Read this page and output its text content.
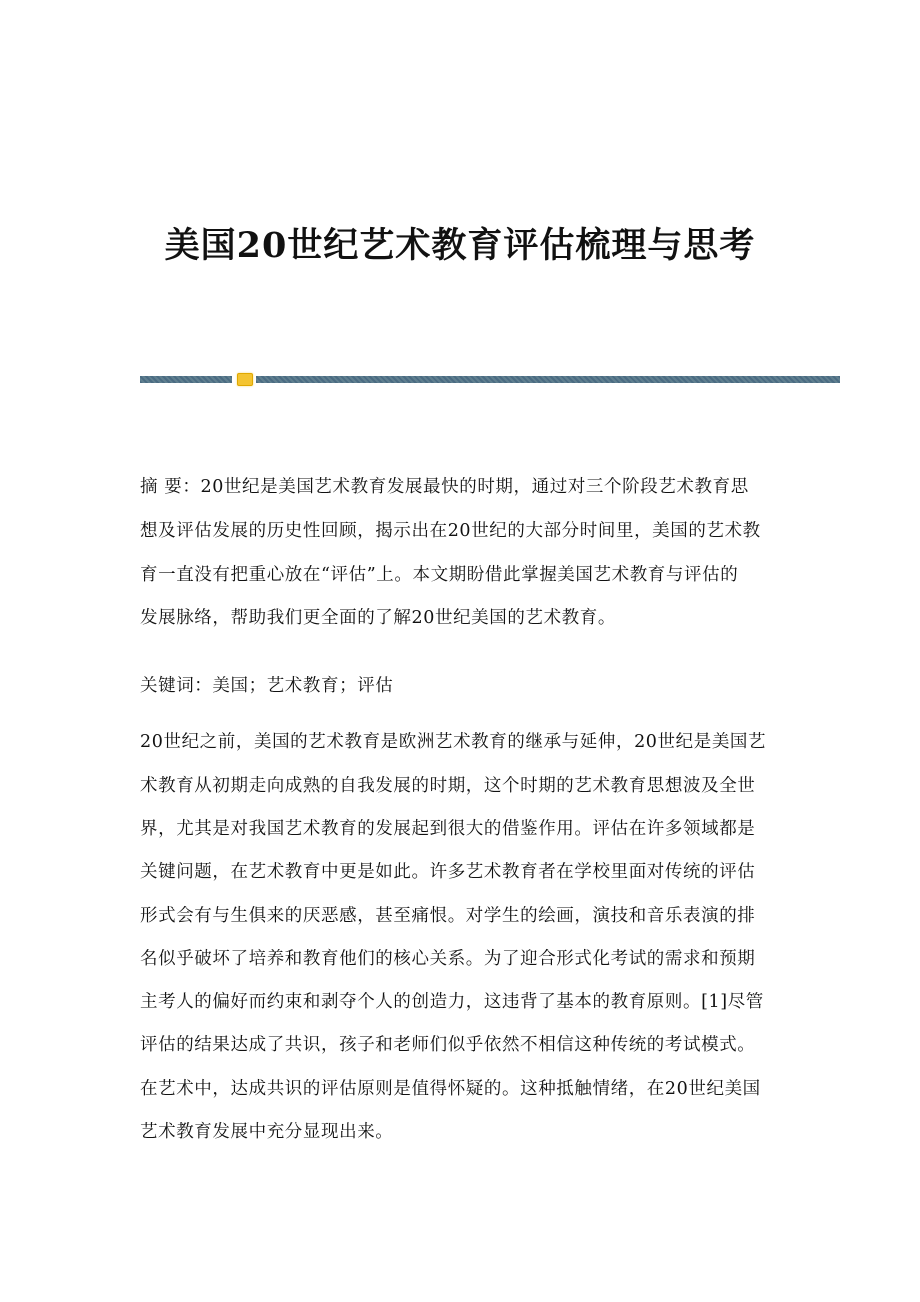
美国20世纪艺术教育评估梳理与思考
摘 要：20世纪是美国艺术教育发展最快的时期，通过对三个阶段艺术教育思
想及评估发展的历史性回顾，揭示出在20世纪的大部分时间里，美国的艺术教
育一直没有把重心放在“评估”上。本文期盼借此掌握美国艺术教育与评估的
发展脉络，帮助我们更全面的了解20世纪美国的艺术教育。
关键词：美国；艺术教育；评估
20世纪之前，美国的艺术教育是欧洲艺术教育的继承与延伸，20世纪是美国艺
术教育从初期走向成熟的自我发展的时期，这个时期的艺术教育思想波及全世
界，尤其是对我国艺术教育的发展起到很大的借鉴作用。评估在许多领域都是
关键问题，在艺术教育中更是如此。许多艺术教育者在学校里面对传统的评估
形式会有与生俱来的厌恶感，甚至痛恨。对学生的绘画，演技和音乐表演的排
名似乎破坏了培养和教育他们的核心关系。为了迎合形式化考试的需求和预期
主考人的偏好而约束和剥夺个人的创造力，这违背了基本的教育原则。[1]尽管
评估的结果达成了共识，孩子和老师们似乎依然不相信这种传统的考试模式。
在艺术中，达成共识的评估原则是值得怀疑的。这种抵触情绪，在20世纪美国
艺术教育发展中充分显现出来。
